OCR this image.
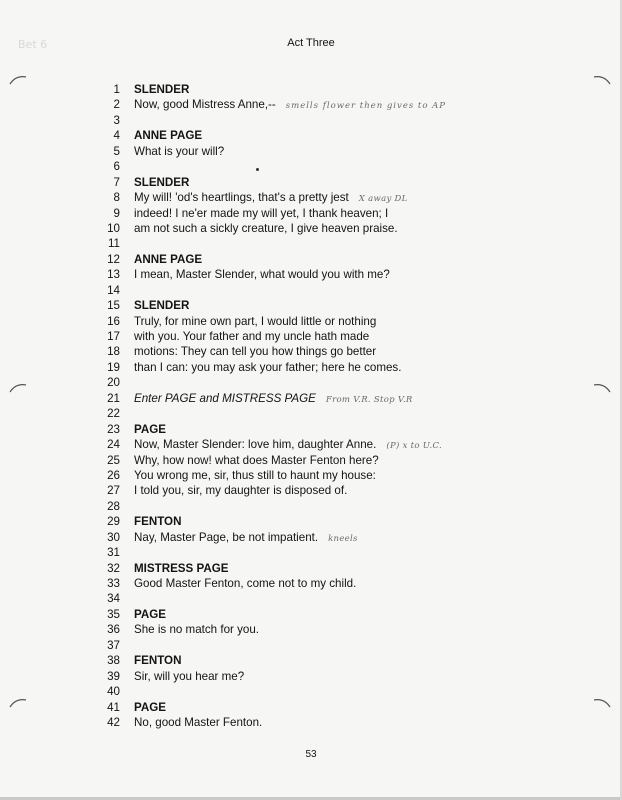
Bet 6	Act Three
1 SLENDER
2 Now, good Mistress Anne,-- smells flower then gives to AP
3
4 ANNE PAGE
5 What is your will?
6
7 SLENDER
8 My will! 'od's heartlings, that's a pretty jest X away DL
9 indeed! I ne'er made my will yet, I thank heaven; I
10 am not such a sickly creature, I give heaven praise.
11
12 ANNE PAGE
13 I mean, Master Slender, what would you with me?
14
15 SLENDER
16 Truly, for mine own part, I would little or nothing
17 with you. Your father and my uncle hath made
18 motions: They can tell you how things go better
19 than I can: you may ask your father; here he comes.
20
21 Enter PAGE and MISTRESS PAGE From V.R. Stop V.R
22
23 PAGE
24 Now, Master Slender: love him, daughter Anne. (P) x to U.C.
25 Why, how now! what does Master Fenton here?
26 You wrong me, sir, thus still to haunt my house:
27 I told you, sir, my daughter is disposed of.
28
29 FENTON
30 Nay, Master Page, be not impatient. kneels
31
32 MISTRESS PAGE
33 Good Master Fenton, come not to my child.
34
35 PAGE
36 She is no match for you.
37
38 FENTON
39 Sir, will you hear me?
40
41 PAGE
42 No, good Master Fenton.
53
